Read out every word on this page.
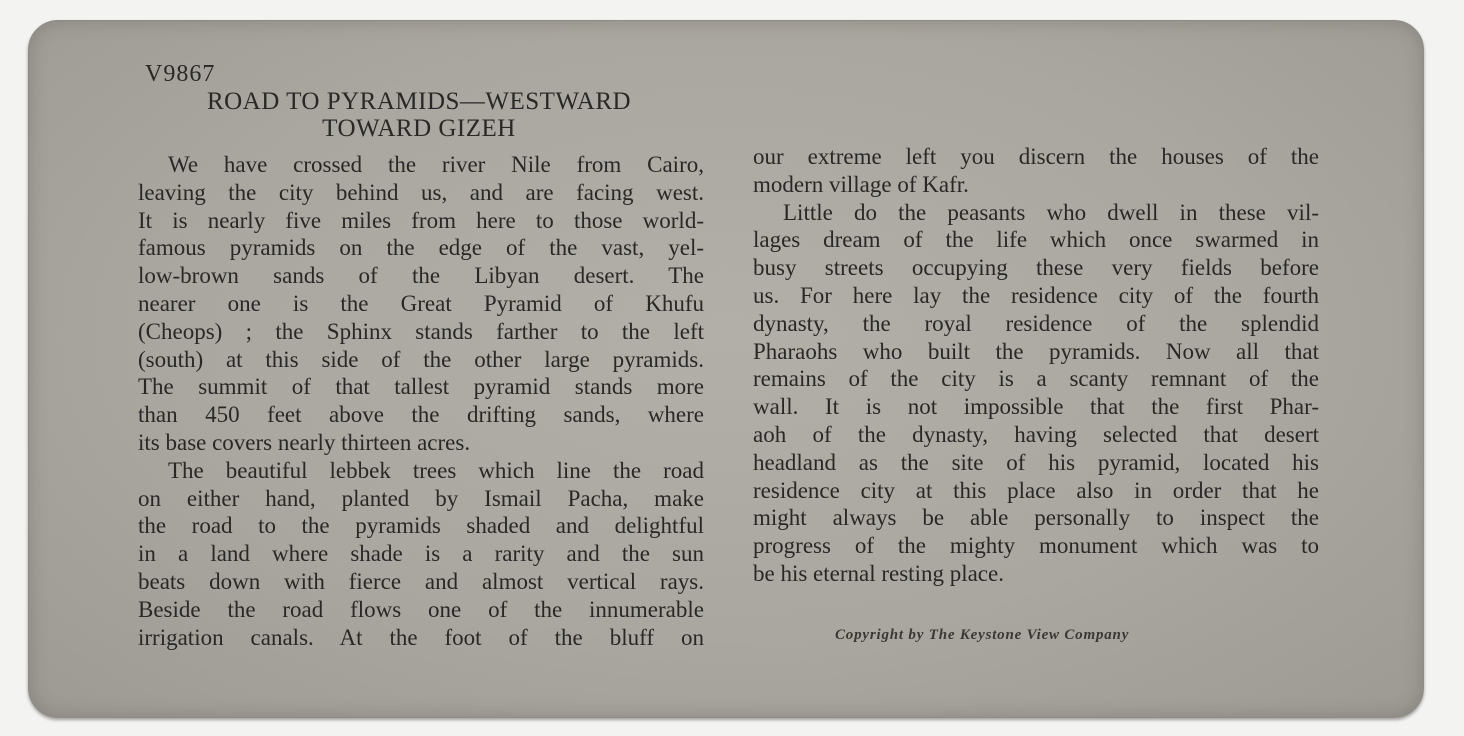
V9867
ROAD TO PYRAMIDS—WESTWARD
TOWARD GIZEH
We have crossed the river Nile from Cairo,
leaving the city behind us, and are facing west.
It is nearly five miles from here to those world-
famous pyramids on the edge of the vast, yel-
low-brown sands of the Libyan desert. The
nearer one is the Great Pyramid of Khufu
(Cheops) ; the Sphinx stands farther to the left
(south) at this side of the other large pyramids.
The summit of that tallest pyramid stands more
than 450 feet above the drifting sands, where
its base covers nearly thirteen acres.
The beautiful lebbek trees which line the road
on either hand, planted by Ismail Pacha, make
the road to the pyramids shaded and delightful
in a land where shade is a rarity and the sun
beats down with fierce and almost vertical rays.
Beside the road flows one of the innumerable
irrigation canals. At the foot of the bluff on
our extreme left you discern the houses of the
modern village of Kafr.
Little do the peasants who dwell in these vil-
lages dream of the life which once swarmed in
busy streets occupying these very fields before
us. For here lay the residence city of the fourth
dynasty, the royal residence of the splendid
Pharaohs who built the pyramids. Now all that
remains of the city is a scanty remnant of the
wall. It is not impossible that the first Phar-
aoh of the dynasty, having selected that desert
headland as the site of his pyramid, located his
residence city at this place also in order that he
might always be able personally to inspect the
progress of the mighty monument which was to
be his eternal resting place.
Copyright by The Keystone View Company
